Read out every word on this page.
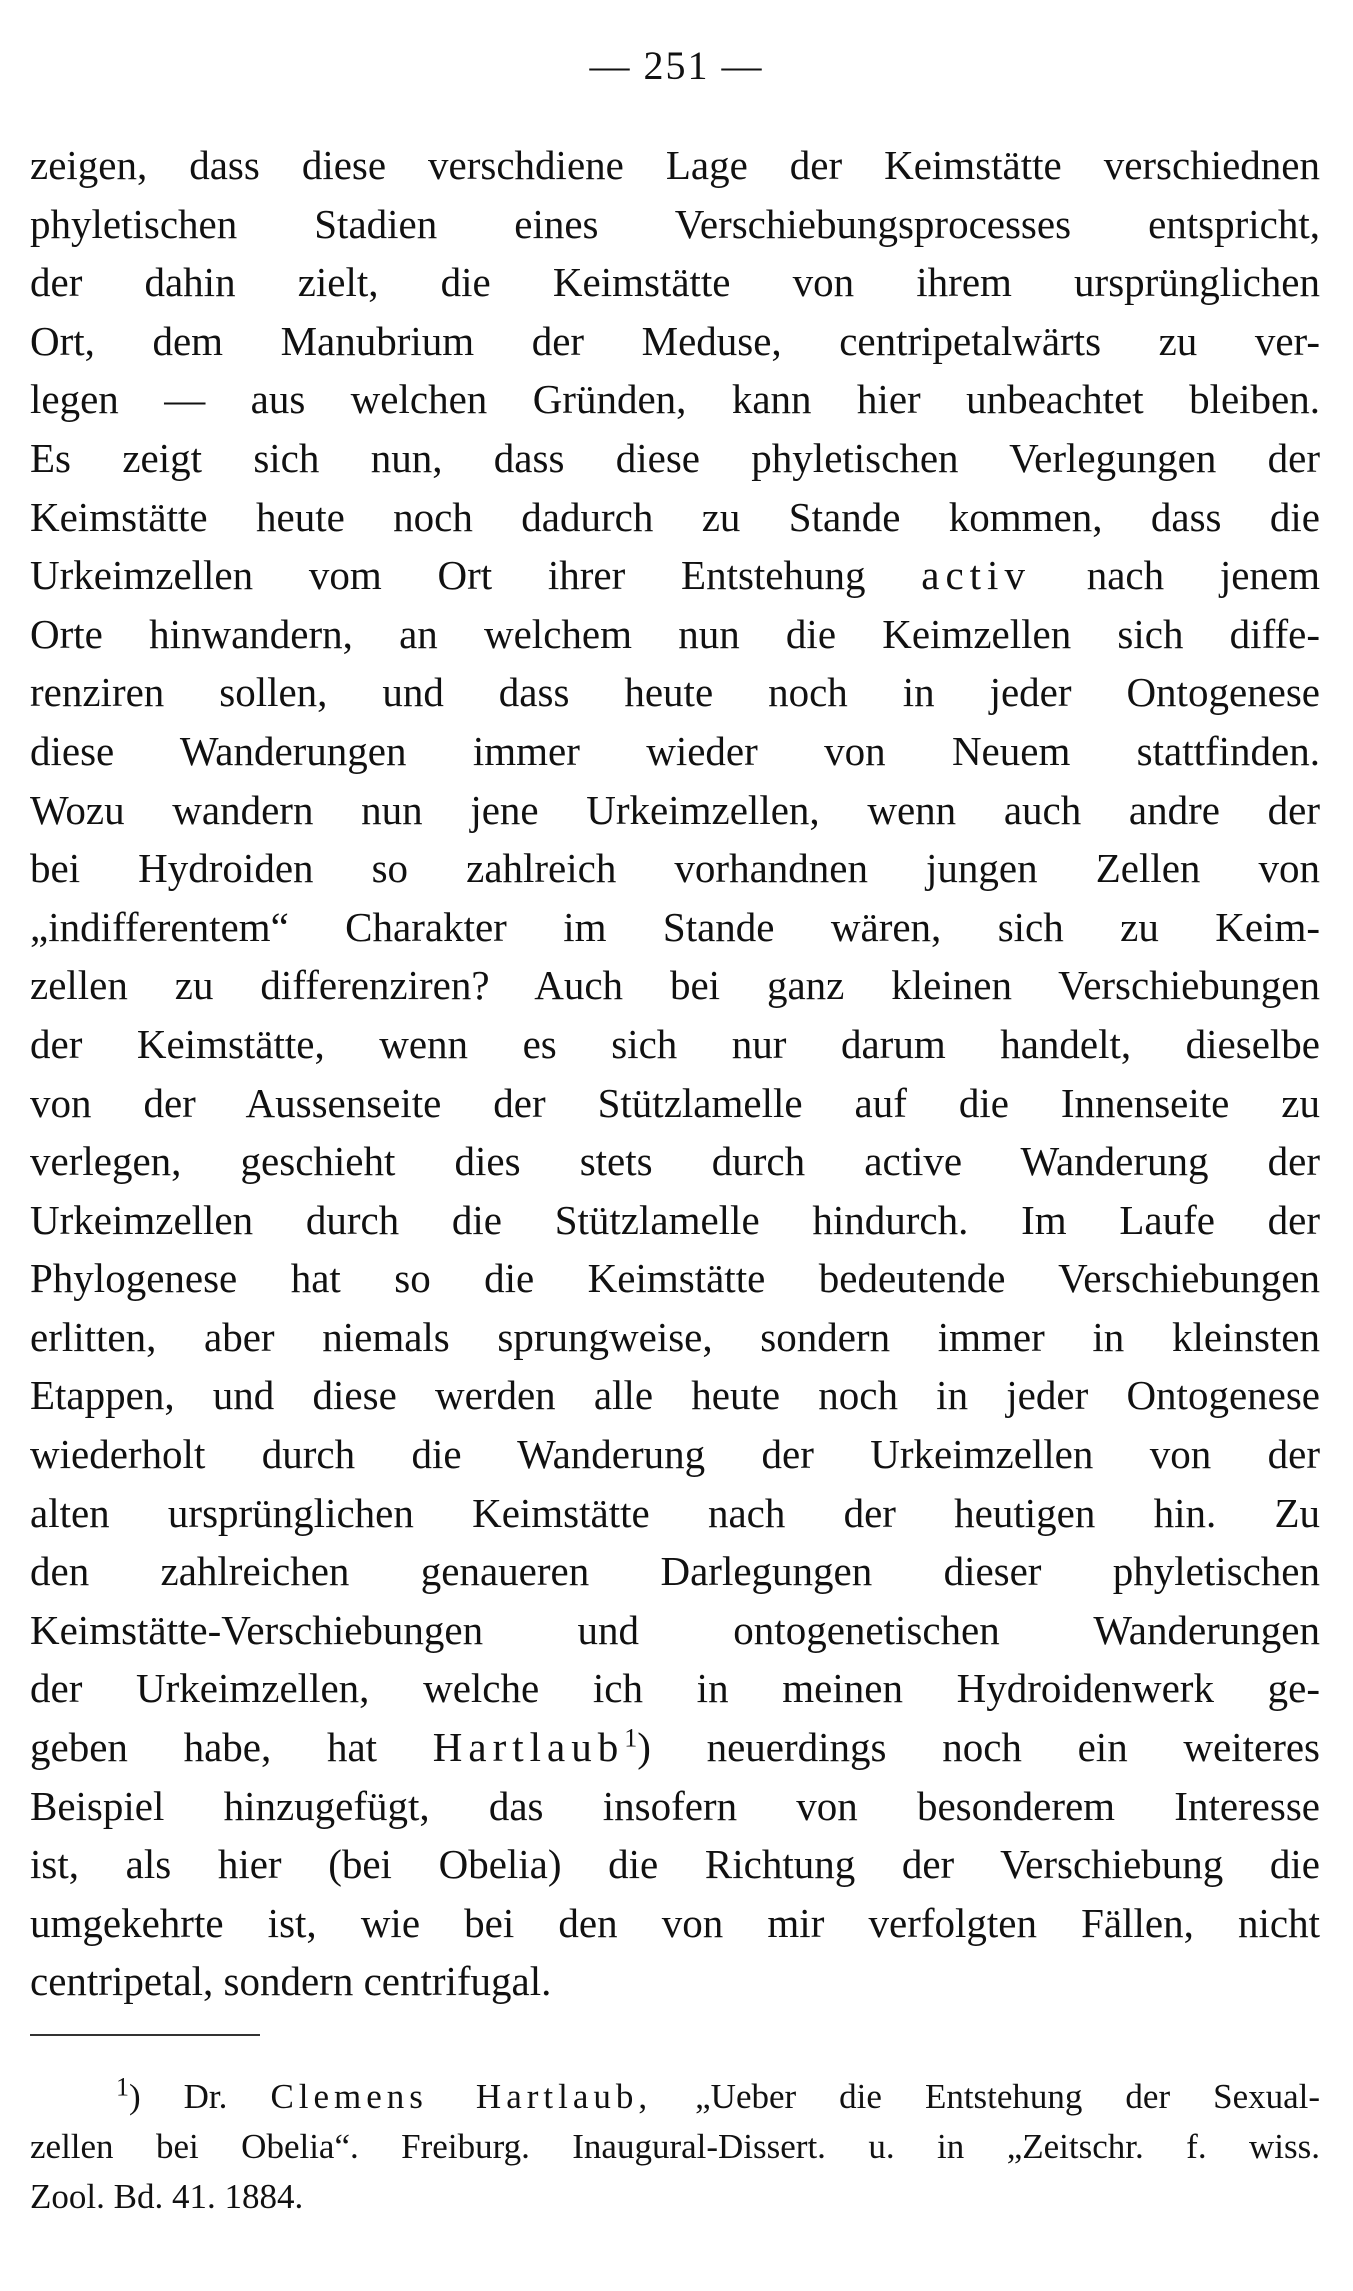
— 251 —
zeigen, dass diese verschdiene Lage der Keimstätte verschiednen
phyletischen Stadien eines Verschiebungsprocesses entspricht,
der dahin zielt, die Keimstätte von ihrem ursprünglichen
Ort, dem Manubrium der Meduse, centripetalwärts zu ver-
legen — aus welchen Gründen, kann hier unbeachtet bleiben.
Es zeigt sich nun, dass diese phyletischen Verlegungen der
Keimstätte heute noch dadurch zu Stande kommen, dass die
Urkeimzellen vom Ort ihrer Entstehung activ nach jenem
Orte hinwandern, an welchem nun die Keimzellen sich diffe-
renziren sollen, und dass heute noch in jeder Ontogenese
diese Wanderungen immer wieder von Neuem stattfinden.
Wozu wandern nun jene Urkeimzellen, wenn auch andre der
bei Hydroiden so zahlreich vorhandnen jungen Zellen von
„indifferentem“ Charakter im Stande wären, sich zu Keim-
zellen zu differenziren? Auch bei ganz kleinen Verschiebungen
der Keimstätte, wenn es sich nur darum handelt, dieselbe
von der Aussenseite der Stützlamelle auf die Innenseite zu
verlegen, geschieht dies stets durch active Wanderung der
Urkeimzellen durch die Stützlamelle hindurch. Im Laufe der
Phylogenese hat so die Keimstätte bedeutende Verschiebungen
erlitten, aber niemals sprungweise, sondern immer in kleinsten
Etappen, und diese werden alle heute noch in jeder Ontogenese
wiederholt durch die Wanderung der Urkeimzellen von der
alten ursprünglichen Keimstätte nach der heutigen hin. Zu
den zahlreichen genaueren Darlegungen dieser phyletischen
Keimstätte-Verschiebungen und ontogenetischen Wanderungen
der Urkeimzellen, welche ich in meinen Hydroidenwerk ge-
geben habe, hat Hartlaub$^1$) neuerdings noch ein weiteres
Beispiel hinzugefügt, das insofern von besonderem Interesse
ist, als hier (bei Obelia) die Richtung der Verschiebung die
umgekehrte ist, wie bei den von mir verfolgten Fällen, nicht
centripetal, sondern centrifugal.
$^1$) Dr. Clemens Hartlaub, „Ueber die Entstehung der Sexual-
zellen bei Obelia“. Freiburg. Inaugural-Dissert. u. in „Zeitschr. f. wiss.
Zool. Bd. 41. 1884.
